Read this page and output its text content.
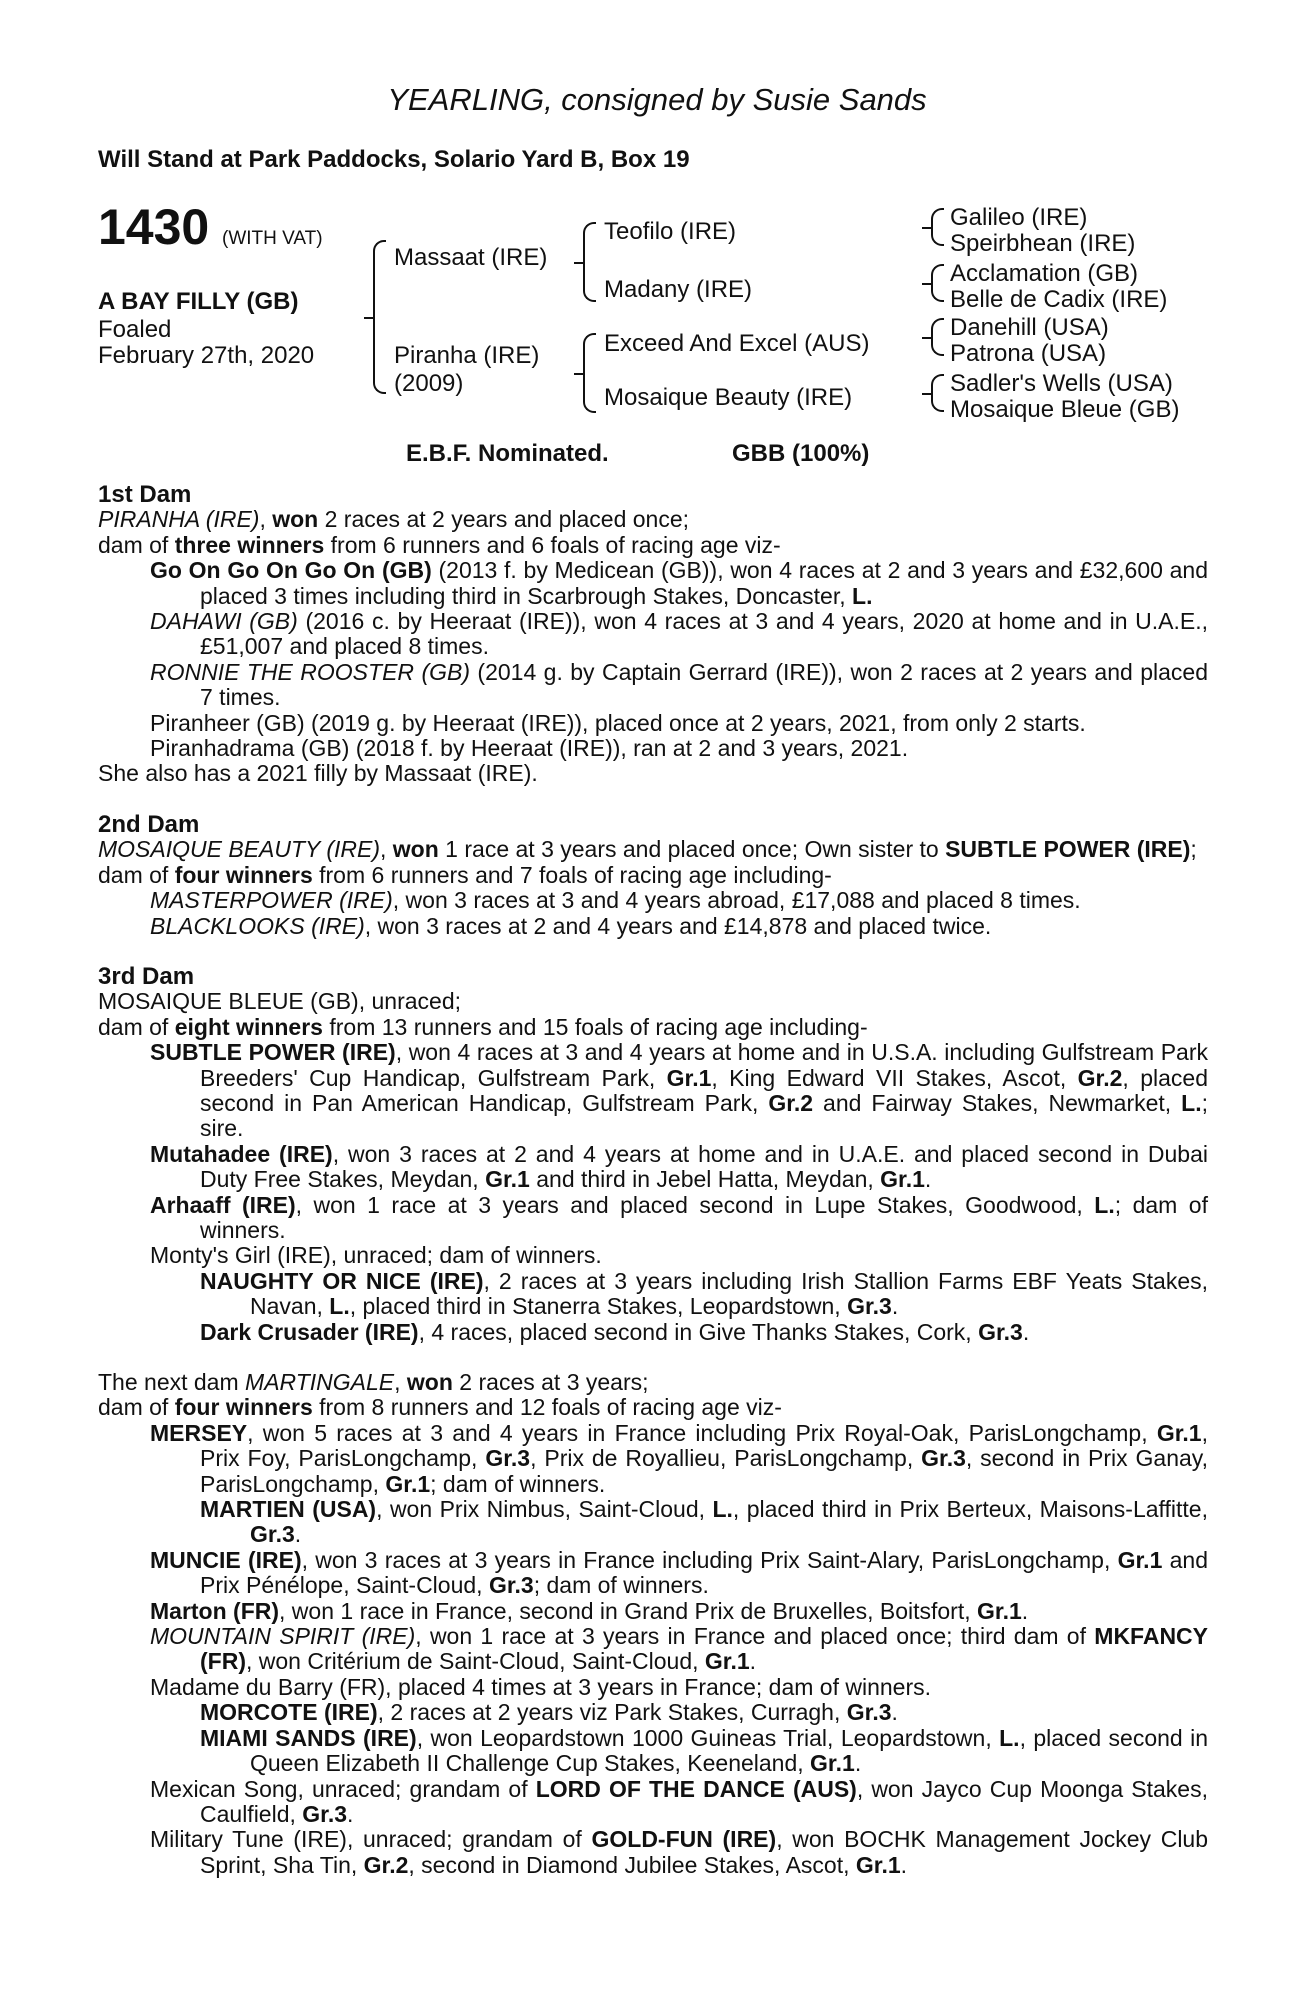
YEARLING, consigned by Susie Sands
Will Stand at Park Paddocks, Solario Yard B, Box 19
1430 (WITH VAT)
A BAY FILLY (GB)
Foaled
February 27th, 2020
Massaat (IRE)
Piranha (IRE)
(2009)
Teofilo (IRE)
Madany (IRE)
Exceed And Excel (AUS)
Mosaique Beauty (IRE)
Galileo (IRE)
Speirbhean (IRE)
Acclamation (GB)
Belle de Cadix (IRE)
Danehill (USA)
Patrona (USA)
Sadler's Wells (USA)
Mosaique Bleue (GB)
E.B.F. Nominated.	GBB (100%)

1st Dam

PIRANHA (IRE), won 2 races at 2 years and placed once;

dam of three winners from 6 runners and 6 foals of racing age viz-

Go On Go On Go On (GB) (2013 f. by Medicean (GB)), won 4 races at 2 and 3 years and £32,600 and placed 3 times including third in Scarbrough Stakes, Doncaster, L.

DAHAWI (GB) (2016 c. by Heeraat (IRE)), won 4 races at 3 and 4 years, 2020 at home and in U.A.E., £51,007 and placed 8 times.

RONNIE THE ROOSTER (GB) (2014 g. by Captain Gerrard (IRE)), won 2 races at 2 years and placed 7 times.

Piranheer (GB) (2019 g. by Heeraat (IRE)), placed once at 2 years, 2021, from only 2 starts.

Piranhadrama (GB) (2018 f. by Heeraat (IRE)), ran at 2 and 3 years, 2021.

She also has a 2021 filly by Massaat (IRE).

2nd Dam

MOSAIQUE BEAUTY (IRE), won 1 race at 3 years and placed once; Own sister to SUBTLE POWER (IRE);

dam of four winners from 6 runners and 7 foals of racing age including-

MASTERPOWER (IRE), won 3 races at 3 and 4 years abroad, £17,088 and placed 8 times.

BLACKLOOKS (IRE), won 3 races at 2 and 4 years and £14,878 and placed twice.

3rd Dam

MOSAIQUE BLEUE (GB), unraced;

dam of eight winners from 13 runners and 15 foals of racing age including-

SUBTLE POWER (IRE), won 4 races at 3 and 4 years at home and in U.S.A. including Gulfstream Park Breeders' Cup Handicap, Gulfstream Park, Gr.1, King Edward VII Stakes, Ascot, Gr.2, placed second in Pan American Handicap, Gulfstream Park, Gr.2 and Fairway Stakes, Newmarket, L.; sire.

Mutahadee (IRE), won 3 races at 2 and 4 years at home and in U.A.E. and placed second in Dubai Duty Free Stakes, Meydan, Gr.1 and third in Jebel Hatta, Meydan, Gr.1.

Arhaaff (IRE), won 1 race at 3 years and placed second in Lupe Stakes, Goodwood, L.; dam of winners.

Monty's Girl (IRE), unraced; dam of winners.

NAUGHTY OR NICE (IRE), 2 races at 3 years including Irish Stallion Farms EBF Yeats Stakes, Navan, L., placed third in Stanerra Stakes, Leopardstown, Gr.3.

Dark Crusader (IRE), 4 races, placed second in Give Thanks Stakes, Cork, Gr.3.

The next dam MARTINGALE, won 2 races at 3 years;

dam of four winners from 8 runners and 12 foals of racing age viz-

MERSEY, won 5 races at 3 and 4 years in France including Prix Royal-Oak, ParisLongchamp, Gr.1, Prix Foy, ParisLongchamp, Gr.3, Prix de Royallieu, ParisLongchamp, Gr.3, second in Prix Ganay, ParisLongchamp, Gr.1; dam of winners.

MARTIEN (USA), won Prix Nimbus, Saint-Cloud, L., placed third in Prix Berteux, Maisons-Laffitte, Gr.3.

MUNCIE (IRE), won 3 races at 3 years in France including Prix Saint-Alary, ParisLongchamp, Gr.1 and Prix Pénélope, Saint-Cloud, Gr.3; dam of winners.

Marton (FR), won 1 race in France, second in Grand Prix de Bruxelles, Boitsfort, Gr.1.

MOUNTAIN SPIRIT (IRE), won 1 race at 3 years in France and placed once; third dam of MKFANCY (FR), won Critérium de Saint-Cloud, Saint-Cloud, Gr.1.

Madame du Barry (FR), placed 4 times at 3 years in France; dam of winners.

MORCOTE (IRE), 2 races at 2 years viz Park Stakes, Curragh, Gr.3.

MIAMI SANDS (IRE), won Leopardstown 1000 Guineas Trial, Leopardstown, L., placed second in Queen Elizabeth II Challenge Cup Stakes, Keeneland, Gr.1.

Mexican Song, unraced; grandam of LORD OF THE DANCE (AUS), won Jayco Cup Moonga Stakes, Caulfield, Gr.3.

Military Tune (IRE), unraced; grandam of GOLD-FUN (IRE), won BOCHK Management Jockey Club Sprint, Sha Tin, Gr.2, second in Diamond Jubilee Stakes, Ascot, Gr.1.
